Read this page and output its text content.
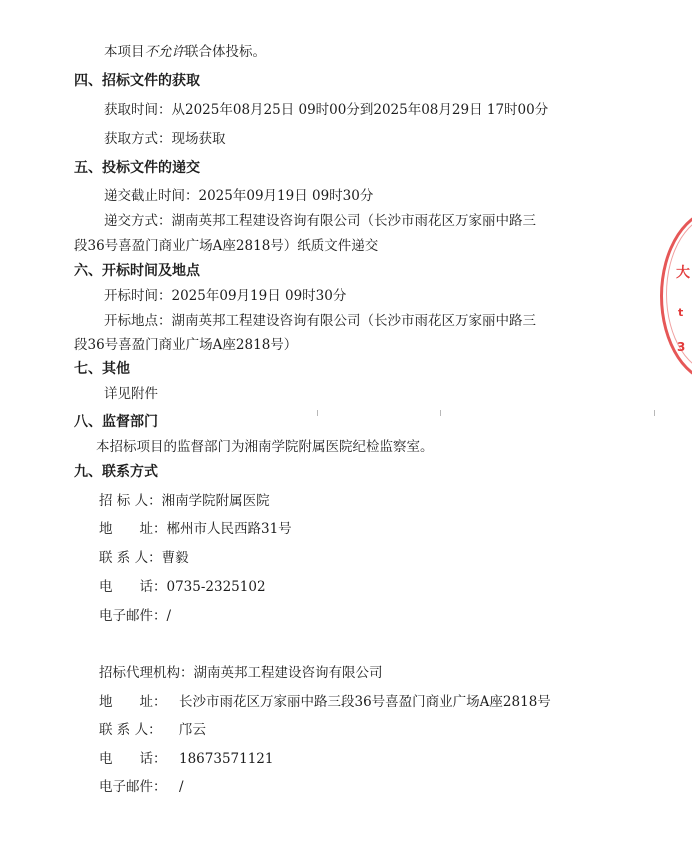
本项目不允许联合体投标。
四、招标文件的获取
获取时间：从2025年08月25日 09时00分到2025年08月29日 17时00分
获取方式：现场获取
五、投标文件的递交
递交截止时间：2025年09月19日 09时30分
递交方式：湖南英邦工程建设咨询有限公司（长沙市雨花区万家丽中路三
段36号喜盈门商业广场A座2818号）纸质文件递交
六、开标时间及地点
开标时间：2025年09月19日 09时30分
开标地点：湖南英邦工程建设咨询有限公司（长沙市雨花区万家丽中路三
段36号喜盈门商业广场A座2818号）
七、其他
详见附件
八、监督部门
本招标项目的监督部门为湘南学院附属医院纪检监察室。
九、联系方式
招 标 人：湘南学院附属医院
地　　址：郴州市人民西路31号
联 系 人：曹毅
电　　话：0735-2325102
电子邮件：/
招标代理机构：湖南英邦工程建设咨询有限公司
地　　址： 长沙市雨花区万家丽中路三段36号喜盈门商业广场A座2818号
联 系 人： 邝云
电　　话： 18673571121
电子邮件： /
大
t
3
